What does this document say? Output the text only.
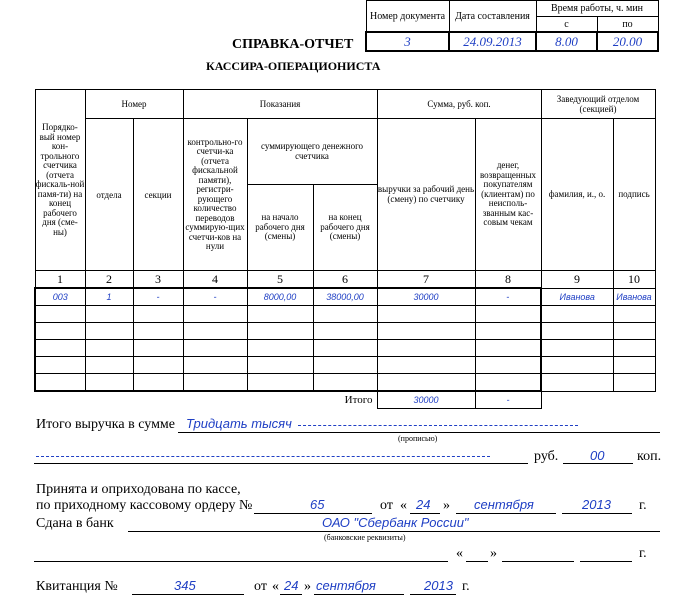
Номер документа	Дата составления	Время работы, ч. мин	
		с	по
3	24.09.2013	8.00	20.00
СПРАВКА-ОТЧЕТ
КАССИРА-ОПЕРАЦИОНИСТА
Порядко-вый номер кон-трольного счетчика (отчета фискаль-ной памя-ти) на конец рабочего дня (сме-ны)	Номер		Показания			Сумма, руб. коп.		Заведующий отделом (секцией)	
	отдела	секции	контрольно-го счетчи-ка (отчета фискальной памяти), регистри-рующего количество переводов суммирую-щих счетчи-ков на нули	суммирующего денежного счетчика		выручки за рабочий день (смену) по счетчику	денег, возвращенных покупателям (клиентам) по неисполь-званным кас-совым чекам	фамилия, и., о.	подпись
				на начало рабочего дня (смены)	на конец рабочего дня (смены)				
1	2	3	4	5	6	7	8	9	10
003	1	-	-	8000,00	38000,00	30000	-	Иванова	Иванова

Итого						30000	-		
Итого выручка в сумме Тридцать тысяч
(прописью)
руб. 00 коп.
Принята и оприходована по кассе,
по приходному кассовому ордеру №	65	от « 24 » сентября	2013 г.
Сдана в банк	ОАО "Сбербанк России"
(банковские реквизиты)
« »	г.
Квитанция №	345	от « 24 » сентября	2013 г.
